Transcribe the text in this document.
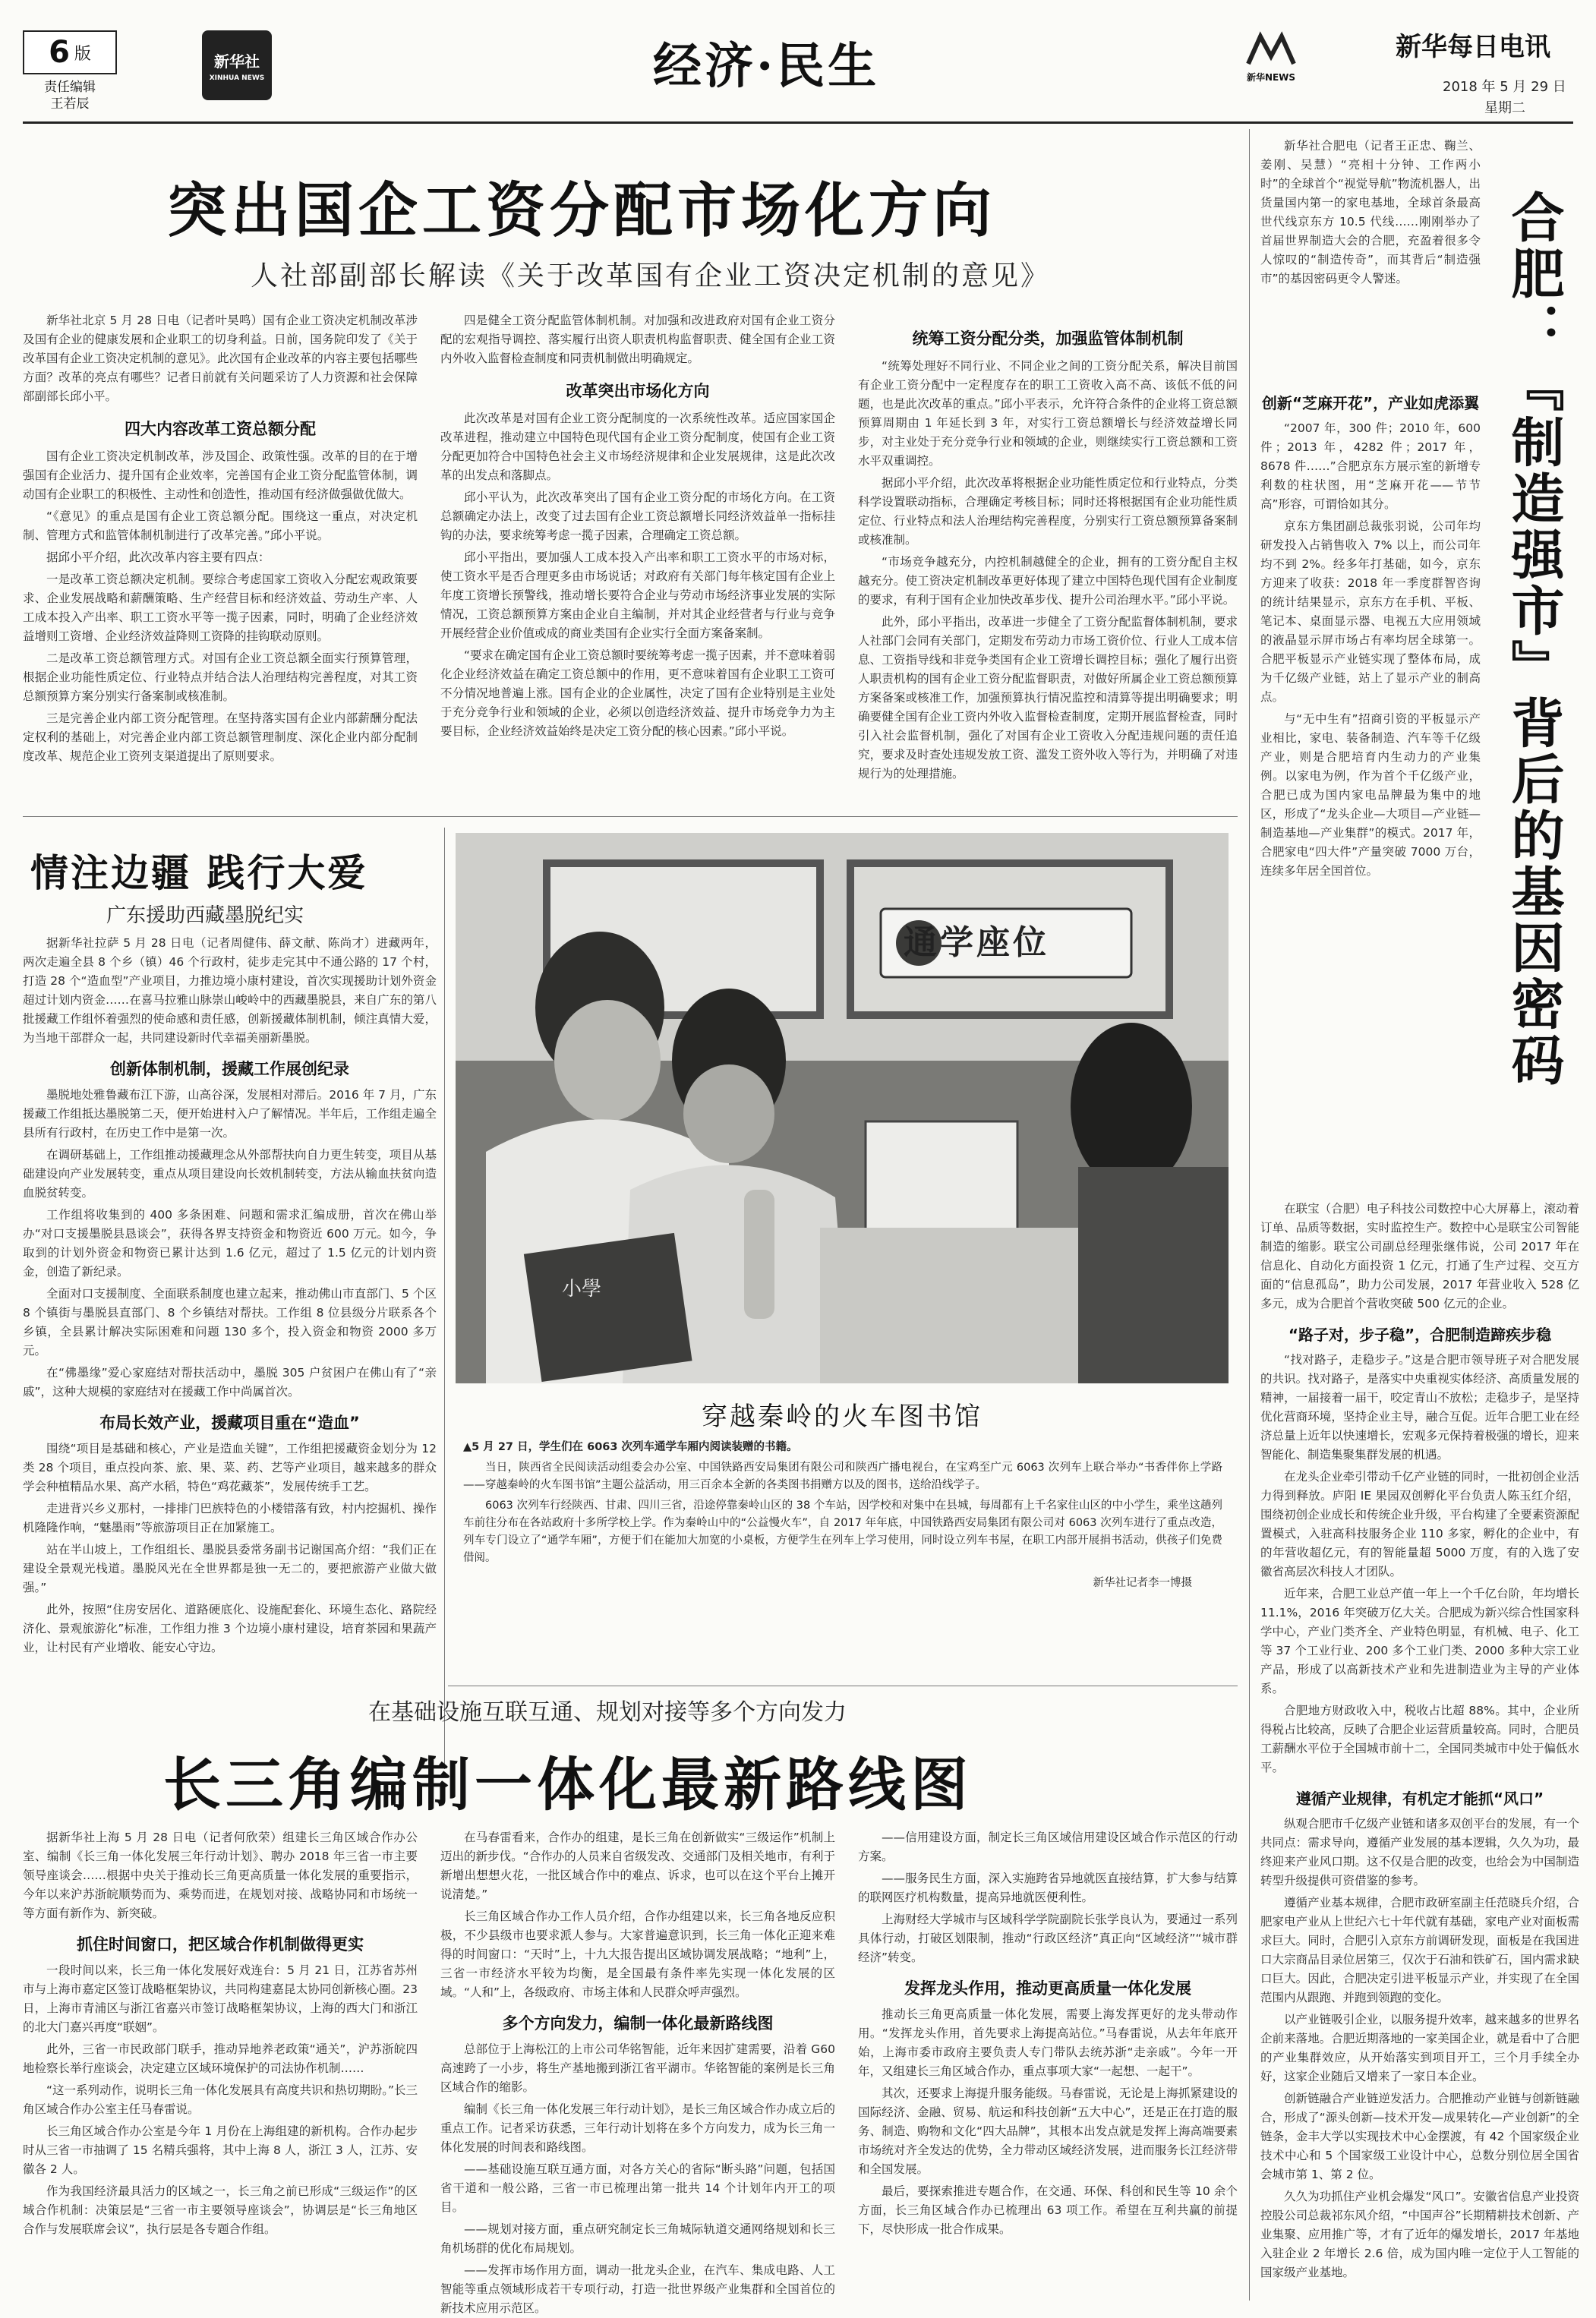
6 版
责任编辑
王若辰
新华社
XINHUA NEWS	经济·民生	新华NEWS
新华每日电讯
2018 年 5 月 29 日
星期二
突出国企工资分配市场化方向
人社部副部长解读《关于改革国有企业工资决定机制的意见》

新华社北京 5 月 28 日电（记者叶昊鸣）国有企业工资决定机制改革涉及国有企业的健康发展和企业职工的切身利益。日前，国务院印发了《关于改革国有企业工资决定机制的意见》。此次国有企业改革的内容主要包括哪些方面？改革的亮点有哪些？记者日前就有关问题采访了人力资源和社会保障部副部长邱小平。

四大内容改革工资总额分配

国有企业工资决定机制改革，涉及国企、政策性强。改革的目的在于增强国有企业活力、提升国有企业效率，完善国有企业工资分配监管体制，调动国有企业职工的积极性、主动性和创造性，推动国有经济做强做优做大。

“《意见》的重点是国有企业工资总额分配。围绕这一重点，对决定机制、管理方式和监管体制机制进行了改革完善。”邱小平说。

据邱小平介绍，此次改革内容主要有四点：

一是改革工资总额决定机制。要综合考虑国家工资收入分配宏观政策要求、企业发展战略和薪酬策略、生产经营目标和经济效益、劳动生产率、人工成本投入产出率、职工工资水平等一揽子因素，同时，明确了企业经济效益增则工资增、企业经济效益降则工资降的挂钩联动原则。

二是改革工资总额管理方式。对国有企业工资总额全面实行预算管理，根据企业功能性质定位、行业特点并结合法人治理结构完善程度，对其工资总额预算方案分别实行备案制或核准制。

三是完善企业内部工资分配管理。在坚持落实国有企业内部薪酬分配法定权利的基础上，对完善企业内部工资总额管理制度、深化企业内部分配制度改革、规范企业工资列支渠道提出了原则要求。

四是健全工资分配监管体制机制。对加强和改进政府对国有企业工资分配的宏观指导调控、落实履行出资人职责机构监督职责、健全国有企业工资内外收入监督检查制度和同责机制做出明确规定。

改革突出市场化方向

此次改革是对国有企业工资分配制度的一次系统性改革。适应国家国企改革进程，推动建立中国特色现代国有企业工资分配制度，使国有企业工资分配更加符合中国特色社会主义市场经济规律和企业发展规律，这是此次改革的出发点和落脚点。

邱小平认为，此次改革突出了国有企业工资分配的市场化方向。在工资总额确定办法上，改变了过去国有企业工资总额增长同经济效益单一指标挂钩的办法，要求统筹考虑一揽子因素，合理确定工资总额。

邱小平指出，要加强人工成本投入产出率和职工工资水平的市场对标，使工资水平是否合理更多由市场说话；对政府有关部门每年核定国有企业上年度工资增长预警线，推动增长要符合企业与劳动市场经济事业发展的实际情况，工资总额预算方案由企业自主编制，并对其企业经营者与行业与竞争开展经营企业价值或成的商业类国有企业实行全面方案备案制。

“要求在确定国有企业工资总额时要统筹考虑一揽子因素，并不意味着弱化企业经济效益在确定工资总额中的作用，更不意味着国有企业职工工资可不分情况地普遍上涨。国有企业的企业属性，决定了国有企业特别是主业处于充分竞争行业和领域的企业，必须以创造经济效益、提升市场竞争力为主要目标，企业经济效益始终是决定工资分配的核心因素。”邱小平说。

统筹工资分配分类，加强监管体制机制

“统筹处理好不同行业、不同企业之间的工资分配关系，解决目前国有企业工资分配中一定程度存在的职工工资收入高不高、该低不低的问题，也是此次改革的重点。”邱小平表示，允许符合条件的企业将工资总额预算周期由 1 年延长到 3 年，对实行工资总额增长与经济效益增长同步，对主业处于充分竞争行业和领域的企业，则继续实行工资总额和工资水平双重调控。

据邱小平介绍，此次改革将根据企业功能性质定位和行业特点，分类科学设置联动指标，合理确定考核目标；同时还将根据国有企业功能性质定位、行业特点和法人治理结构完善程度，分别实行工资总额预算备案制或核准制。

“市场竞争越充分，内控机制越健全的企业，拥有的工资分配自主权越充分。使工资决定机制改革更好体现了建立中国特色现代国有企业制度的要求，有利于国有企业加快改革步伐、提升公司治理水平。”邱小平说。

此外，邱小平指出，改革进一步健全了工资分配监督体制机制，要求人社部门会同有关部门，定期发布劳动力市场工资价位、行业人工成本信息、工资指导线和非竞争类国有企业工资增长调控目标；强化了履行出资人职责机构的国有企业工资分配监督职责，对做好所属企业工资总额预算方案备案或核准工作，加强预算执行情况监控和清算等提出明确要求；明确要健全国有企业工资内外收入监督检查制度，定期开展监督检查，同时引入社会监督机制，强化了对国有企业工资收入分配违规问题的责任追究，要求及时查处违规发放工资、滥发工资外收入等行为，并明确了对违规行为的处理措施。

情注边疆 践行大爱
广东援助西藏墨脱纪实

据新华社拉萨 5 月 28 日电（记者周健伟、薛文献、陈尚才）进藏两年，两次走遍全县 8 个乡（镇）46 个行政村，徒步走完其中不通公路的 17 个村，打造 28 个“造血型”产业项目，力推边境小康村建设，首次实现援助计划外资金超过计划内资金……在喜马拉雅山脉崇山峻岭中的西藏墨脱县，来自广东的第八批援藏工作组怀着强烈的使命感和责任感，创新援藏体制机制，倾注真情大爱，为当地干部群众一起，共同建设新时代幸福美丽新墨脱。

创新体制机制，援藏工作展创纪录

墨脱地处雅鲁藏布江下游，山高谷深，发展相对滞后。2016 年 7 月，广东援藏工作组抵达墨脱第二天，便开始进村入户了解情况。半年后，工作组走遍全县所有行政村，在历史工作中是第一次。

在调研基础上，工作组推动援藏理念从外部帮扶向自力更生转变，项目从基础建设向产业发展转变，重点从项目建设向长效机制转变，方法从输血扶贫向造血脱贫转变。

工作组将收集到的 400 多条困难、问题和需求汇编成册，首次在佛山举办“对口支援墨脱县恳谈会”，获得各界支持资金和物资近 600 万元。如今，争取到的计划外资金和物资已累计达到 1.6 亿元，超过了 1.5 亿元的计划内资金，创造了新纪录。

全面对口支援制度、全面联系制度也建立起来，推动佛山市直部门、5 个区 8 个镇街与墨脱县直部门、8 个乡镇结对帮扶。工作组 8 位县级分片联系各个乡镇，全县累计解决实际困难和问题 130 多个，投入资金和物资 2000 多万元。

在“佛墨缘”爱心家庭结对帮扶活动中，墨脱 305 户贫困户在佛山有了“亲戚”，这种大规模的家庭结对在援藏工作中尚属首次。

布局长效产业，援藏项目重在“造血”

围绕“项目是基础和核心，产业是造血关键”，工作组把援藏资金划分为 12 类 28 个项目，重点投向茶、旅、果、菜、药、艺等产业项目，越来越多的群众学会种植精品水果、高产水稻，特色“鸡花藏茶”，发展传统手工艺。

走进背兴乡义那村，一排排门巴族特色的小楼错落有致，村内挖掘机、操作机隆隆作响，“魅墨雨”等旅游项目正在加紧施工。

站在半山坡上，工作组组长、墨脱县委常务副书记谢国高介绍：“我们正在建设全景观光栈道。墨脱风光在全世界都是独一无二的，要把旅游产业做大做强。”

此外，按照“住房安居化、道路硬底化、设施配套化、环境生态化、路院经济化、景观旅游化”标准，工作组力推 3 个边境小康村建设，培育茶园和果蔬产业，让村民有产业增收、能安心守边。

通学座位
小學
穿越秦岭的火车图书馆

▲5 月 27 日，学生们在 6063 次列车通学车厢内阅读装赠的书籍。

当日，陕西省全民阅读活动组委会办公室、中国铁路西安局集团有限公司和陕西广播电视台，在宝鸡至广元 6063 次列车上联合举办“书香伴你上学路——穿越秦岭的火车图书馆”主题公益活动，用三百余本全新的各类图书捐赠方以及的图书，送给沿线学子。

6063 次列车行经陕西、甘肃、四川三省，沿途停靠秦岭山区的 38 个车站，因学校和对集中在县城，每周都有上千名家住山区的中小学生，乘坐这趟列车前往分布在各站政府十多所学校上学。作为秦岭山中的“公益慢火车”，自 2017 年年底，中国铁路西安局集团有限公司对 6063 次列车进行了重点改造，列车专门设立了“通学车厢”，方便于们在能加大加宽的小桌板，方便学生在列车上学习使用，同时设立列车书屋，在职工内部开展捐书活动，供孩子们免费借阅。

新华社记者李一博摄

在基础设施互联互通、规划对接等多个方向发力
长三角编制一体化最新路线图

据新华社上海 5 月 28 日电（记者何欣荣）组建长三角区域合作办公室、编制《长三角一体化发展三年行动计划》、聘办 2018 年三省一市主要领导座谈会……根据中央关于推动长三角更高质量一体化发展的重要指示，今年以来沪苏浙皖顺势而为、乘势而进，在规划对接、战略协同和市场统一等方面有新作为、新突破。

抓住时间窗口，把区域合作机制做得更实

一段时间以来，长三角一体化发展好戏连台：5 月 21 日，江苏省苏州市与上海市嘉定区签订战略框架协议，共同构建嘉昆太协同创新核心圈。23 日，上海市青浦区与浙江省嘉兴市签订战略框架协议，上海的西大门和浙江的北大门嘉兴再度“联姻”。

此外，三省一市民政部门联手，推动异地养老政策“通关”，沪苏浙皖四地检察长举行座谈会，决定建立区域环境保护的司法协作机制……

“这一系列动作，说明长三角一体化发展具有高度共识和热切期盼。”长三角区域合作办公室主任马春雷说。

长三角区域合作办公室是今年 1 月份在上海组建的新机构。合作办起步时从三省一市抽调了 15 名精兵强将，其中上海 8 人，浙江 3 人，江苏、安徽各 2 人。

作为我国经济最具活力的区域之一，长三角之前已形成“三级运作”的区域合作机制：决策层是“三省一市主要领导座谈会”，协调层是“长三角地区合作与发展联席会议”，执行层是各专题合作组。

在马春雷看来，合作办的组建，是长三角在创新做实“三级运作”机制上迈出的新步伐。“合作办的人员来自省级发改、交通部门及相关地市，有利于新增出想想火花，一批区域合作中的难点、诉求，也可以在这个平台上摊开说清楚。”

长三角区域合作办工作人员介绍，合作办组建以来，长三角各地反应积极，不少县级市也要求派人参与。大家普遍意识到，长三角一体化正迎来难得的时间窗口：“天时”上，十九大报告提出区域协调发展战略；“地利”上，三省一市经济水平较为均衡，是全国最有条件率先实现一体化发展的区域。“人和”上，各级政府、市场主体和人民群众呼声强烈。

多个方向发力，编制一体化最新路线图

总部位于上海松江的上市公司华铭智能，近年来因扩建需要，沿着 G60 高速跨了一小步，将生产基地搬到浙江省平湖市。华铭智能的案例是长三角区域合作的缩影。

编制《长三角一体化发展三年行动计划》，是长三角区域合作办成立后的重点工作。记者采访获悉，三年行动计划将在多个方向发力，成为长三角一体化发展的时间表和路线图。

——基础设施互联互通方面，对各方关心的省际“断头路”问题，包括国省干道和一般公路，三省一市已梳理出第一批共 14 个计划年内开工的项目。

——规划对接方面，重点研究制定长三角城际轨道交通网络规划和长三角机场群的优化布局规划。

——发挥市场作用方面，调动一批龙头企业，在汽车、集成电路、人工智能等重点领域形成若干专项行动，打造一批世界级产业集群和全国首位的新技术应用示范区。

——信用建设方面，制定长三角区域信用建设区域合作示范区的行动方案。

——服务民生方面，深入实施跨省异地就医直接结算，扩大参与结算的联网医疗机构数量，提高异地就医便利性。

上海财经大学城市与区域科学学院副院长张学良认为，要通过一系列具体行动，打破区划限制，推动“行政区经济”真正向“区域经济”“城市群经济”转变。

发挥龙头作用，推动更高质量一体化发展

推动长三角更高质量一体化发展，需要上海发挥更好的龙头带动作用。“发挥龙头作用，首先要求上海提高站位。”马春雷说，从去年年底开始，上海市委市政府主要负责人专门带队去统苏浙“走亲戚”。今年一开年，又组建长三角区域合作办，重点事项大家“一起想、一起干”。

其次，还要求上海提升服务能级。马春雷说，无论是上海抓紧建设的国际经济、金融、贸易、航运和科技创新“五大中心”，还是正在打造的服务、制造、购物和文化“四大品牌”，其根本出发点就是发挥上海高端要素市场统对齐全发达的优势，全力带动区域经济发展，进而服务长江经济带和全国发展。

最后，要探索推进专题合作，在交通、环保、科创和民生等 10 余个方面，长三角区域合作办已梳理出 63 项工作。希望在互利共赢的前提下，尽快形成一批合作成果。

合肥：『制造强市』背后的基因密码

新华社合肥电（记者王正忠、鞠兰、姜刚、吴慧）“亮相十分钟、工作两小时”的全球首个“视觉导航”物流机器人，出货量国内第一的家电基地，全球首条最高世代线京东方 10.5 代线……刚刚举办了首届世界制造大会的合肥，充盈着很多令人惊叹的“制造传奇”，而其背后“制造强市”的基因密码更令人警迷。

创新“芝麻开花”，产业如虎添翼

“2007 年，300 件；2010 年，600 件；2013 年，4282 件；2017 年，8678 件……”合肥京东方展示室的新增专利数的柱状图，用“芝麻开花——节节高”形容，可谓恰如其分。

京东方集团副总裁张羽说，公司年均研发投入占销售收入 7% 以上，而公司年均不到 2%。经多年打基础，如今，京东方迎来了收获：2018 年一季度群智咨询的统计结果显示，京东方在手机、平板、笔记本、桌面显示器、电视五大应用领域的液晶显示屏市场占有率均居全球第一。合肥平板显示产业链实现了整体布局，成为千亿级产业链，站上了显示产业的制高点。

与“无中生有”招商引资的平板显示产业相比，家电、装备制造、汽车等千亿级产业，则是合肥培育内生动力的产业集例。以家电为例，作为首个千亿级产业，合肥已成为国内家电品牌最为集中的地区，形成了“龙头企业—大项目—产业链—制造基地—产业集群”的模式。2017 年，合肥家电“四大件”产量突破 7000 万台，连续多年居全国首位。

在联宝（合肥）电子科技公司数控中心大屏幕上，滚动着订单、品质等数据，实时监控生产。数控中心是联宝公司智能制造的缩影。联宝公司副总经理张继伟说，公司 2017 年在信息化、自动化方面投资 1 亿元，打通了生产过程、交互方面的“信息孤岛”，助力公司发展，2017 年营业收入 528 亿多元，成为合肥首个营收突破 500 亿元的企业。

“路子对，步子稳”，合肥制造蹄疾步稳

“找对路子，走稳步子。”这是合肥市领导班子对合肥发展的共识。找对路子，是落实中央重视实体经济、高质量发展的精神，一届接着一届干，咬定青山不放松；走稳步子，是坚持优化营商环境，坚持企业主导，融合互促。近年合肥工业在经济总量上近年以快速增长，宏观多元保持着极强的增长，迎来智能化、制造集聚集群发展的机遇。

在龙头企业牵引带动千亿产业链的同时，一批初创企业活力得到释放。庐阳 IE 果园双创孵化平台负责人陈玉红介绍，围绕初创企业成长和传统企业升级，平台构建了全要素资源配置模式，入驻高科技服务企业 110 多家，孵化的企业中，有的年营收超亿元，有的智能量超 5000 万度，有的入选了安徽省高层次科技人才团队。

近年来，合肥工业总产值一年上一个千亿台阶，年均增长 11.1%，2016 年突破万亿大关。合肥成为新兴综合性国家科学中心，产业门类齐全、产业特色明显，有机械、电子、化工等 37 个工业行业、200 多个工业门类、2000 多种大宗工业产品，形成了以高新技术产业和先进制造业为主导的产业体系。

合肥地方财政收入中，税收占比超 88%。其中，企业所得税占比较高，反映了合肥企业运营质量较高。同时，合肥员工薪酬水平位于全国城市前十二，全国同类城市中处于偏低水平。

遵循产业规律，有机定才能抓“风口”

纵观合肥市千亿级产业链和诸多双创平台的发展，有一个共同点：需求导向，遵循产业发展的基本逻辑，久久为功，最终迎来产业风口期。这不仅是合肥的改变，也给会为中国制造转型升级提供可资借鉴的参考。

遵循产业基本规律，合肥市政研室副主任范晓兵介绍，合肥家电产业从上世纪六七十年代就有基础，家电产业对面板需求巨大。同时，合肥引入京东方前调研发现，面板是在我国进口大宗商品目录位居第三，仅次于石油和铁矿石，国内需求缺口巨大。因此，合肥决定引进平板显示产业，并实现了在全国范围内从跟跑、并跑到领跑的变化。

以产业链吸引企业，以服务提升效率，越来越多的世界名企前来落地。合肥近期落地的一家美国企业，就是看中了合肥的产业集群效应，从开始落实到项目开工，三个月手续全办好，这家企业随后又增来了一家日本企业。

创新链融合产业链逆发活力。合肥推动产业链与创新链融合，形成了“源头创新—技术开发—成果转化—产业创新”的全链条，金丰大学以实现技术中心金摆渡，有 42 个国家级企业技术中心和 5 个国家级工业设计中心，总数分别位居全国省会城市第 1、第 2 位。

久久为功抓住产业机会爆发“风口”。安徽省信息产业投资控股公司总裁祁东风介绍，“中国声谷”长期精耕技术创新、产业集聚、应用推广等，才有了近年的爆发增长，2017 年基地入驻企业 2 年增长 2.6 倍，成为国内唯一定位于人工智能的国家级产业基地。
